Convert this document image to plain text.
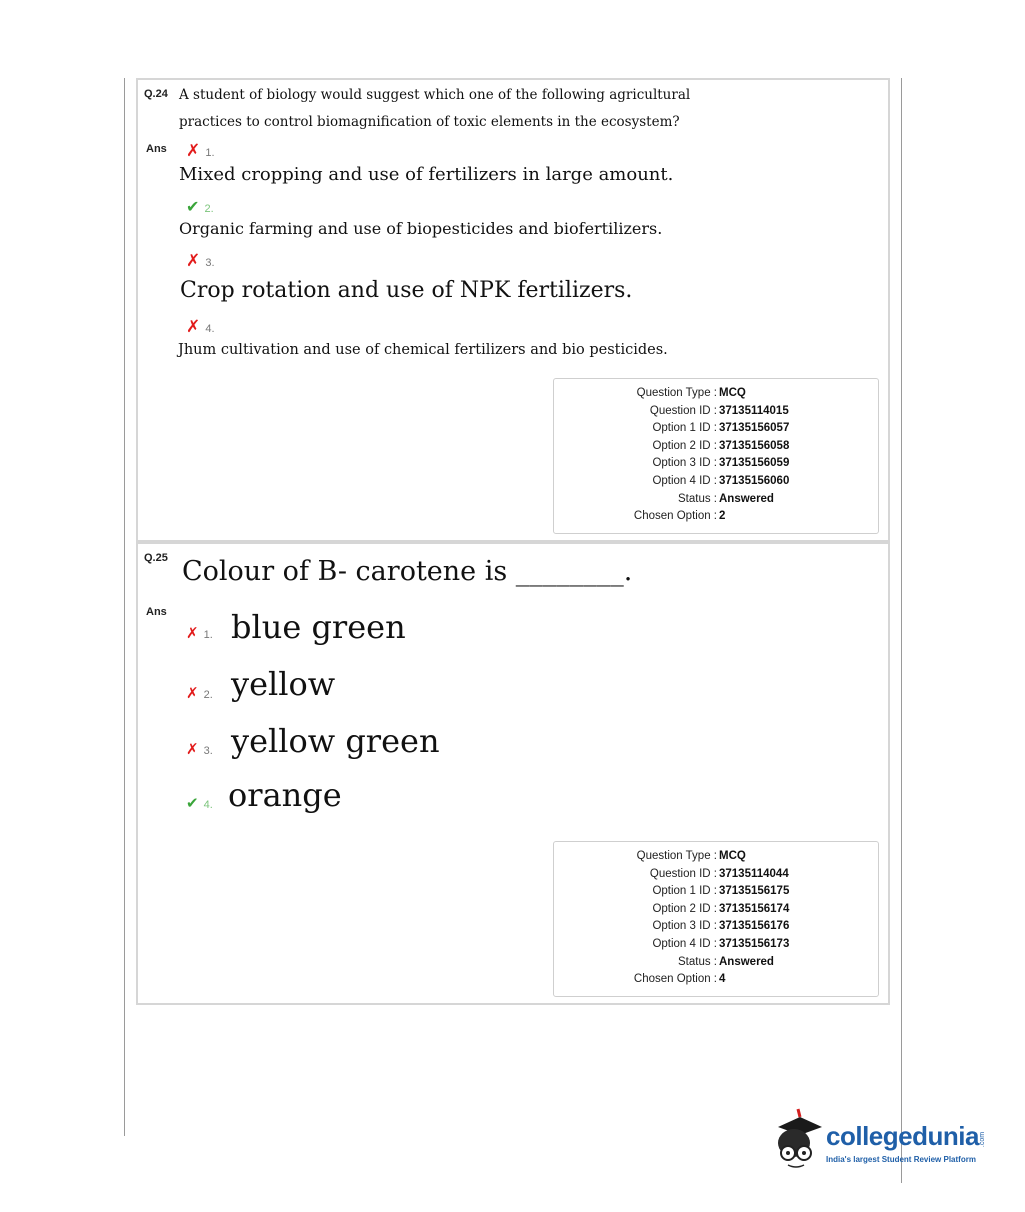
Q.24 A student of biology would suggest which one of the following agricultural
practices to control biomagnification of toxic elements in the ecosystem?
Ans ✗ 1.
Mixed cropping and use of fertilizers in large amount.
✔ 2.
Organic farming and use of biopesticides and biofertilizers.
✗ 3.
Crop rotation and use of NPK fertilizers.
✗ 4.
Jhum cultivation and use of chemical fertilizers and bio pesticides.
Question Type : MCQ
Question ID : 37135114015
Option 1 ID : 37135156057
Option 2 ID : 37135156058
Option 3 ID : 37135156059
Option 4 ID : 37135156060
Status : Answered
Chosen Option : 2
Q.25 Colour of B- carotene is ________.
Ans
✗ 1. blue green
✗ 2. yellow
✗ 3. yellow green
✔ 4. orange
Question Type : MCQ
Question ID : 37135114044
Option 1 ID : 37135156175
Option 2 ID : 37135156174
Option 3 ID : 37135156176
Option 4 ID : 37135156173
Status : Answered
Chosen Option : 4
collegedunia.com
India's largest Student Review Platform
